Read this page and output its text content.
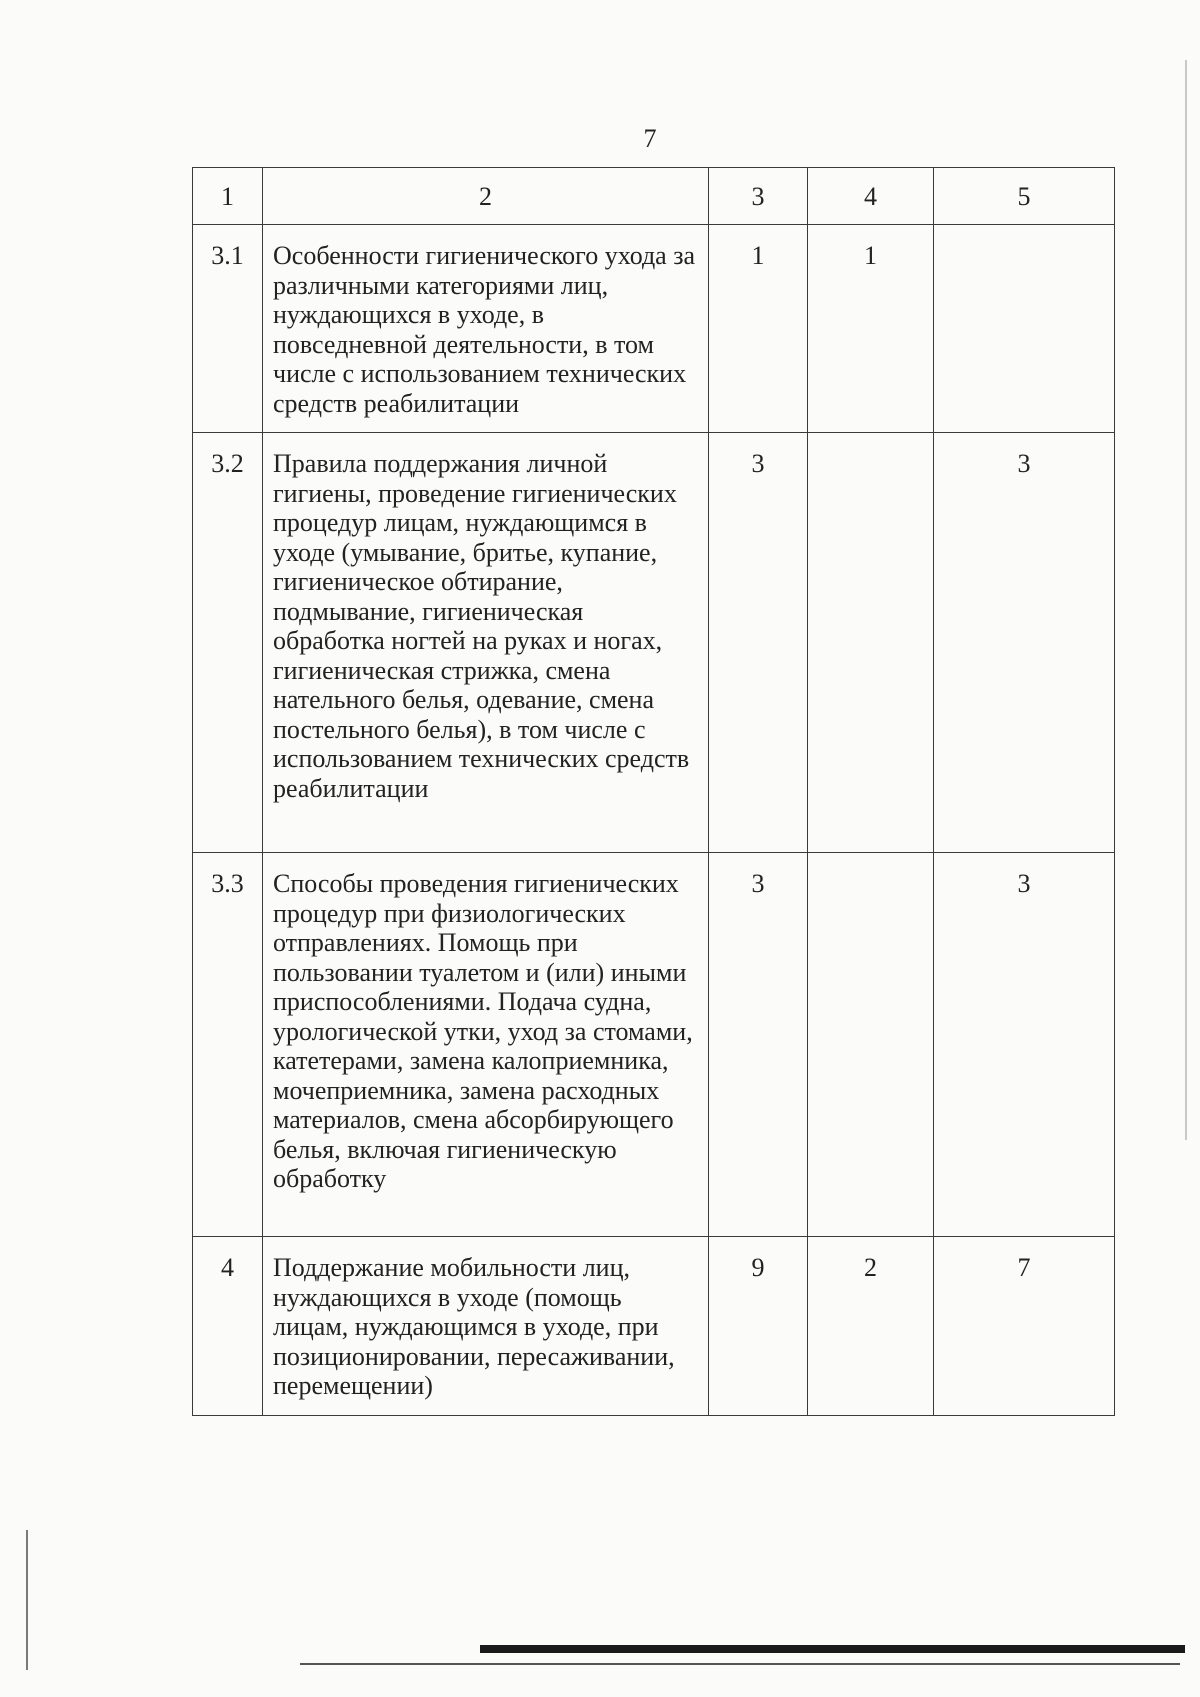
7
1	2	3	4	5
3.1	Особенности гигиенического ухода за различными категориями лиц, нуждающихся в уходе, в повседневной деятельности, в том числе с использованием технических средств реабилитации	1	1	
3.2	Правила поддержания личной гигиены, проведение гигиенических процедур лицам, нуждающимся в уходе (умывание, бритье, купание, гигиеническое обтирание, подмывание, гигиеническая обработка ногтей на руках и ногах, гигиеническая стрижка, смена нательного белья, одевание, смена постельного белья), в том числе с использованием технических средств реабилитации	3		3
3.3	Способы проведения гигиенических процедур при физиологических отправлениях. Помощь при пользовании туалетом и (или) иными приспособлениями. Подача судна, урологической утки, уход за стомами, катетерами, замена калоприемника, мочеприемника, замена расходных материалов, смена абсорбирующего белья, включая гигиеническую обработку	3		3
4	Поддержание мобильности лиц, нуждающихся в уходе (помощь лицам, нуждающимся в уходе, при позиционировании, пересаживании, перемещении)	9	2	7
